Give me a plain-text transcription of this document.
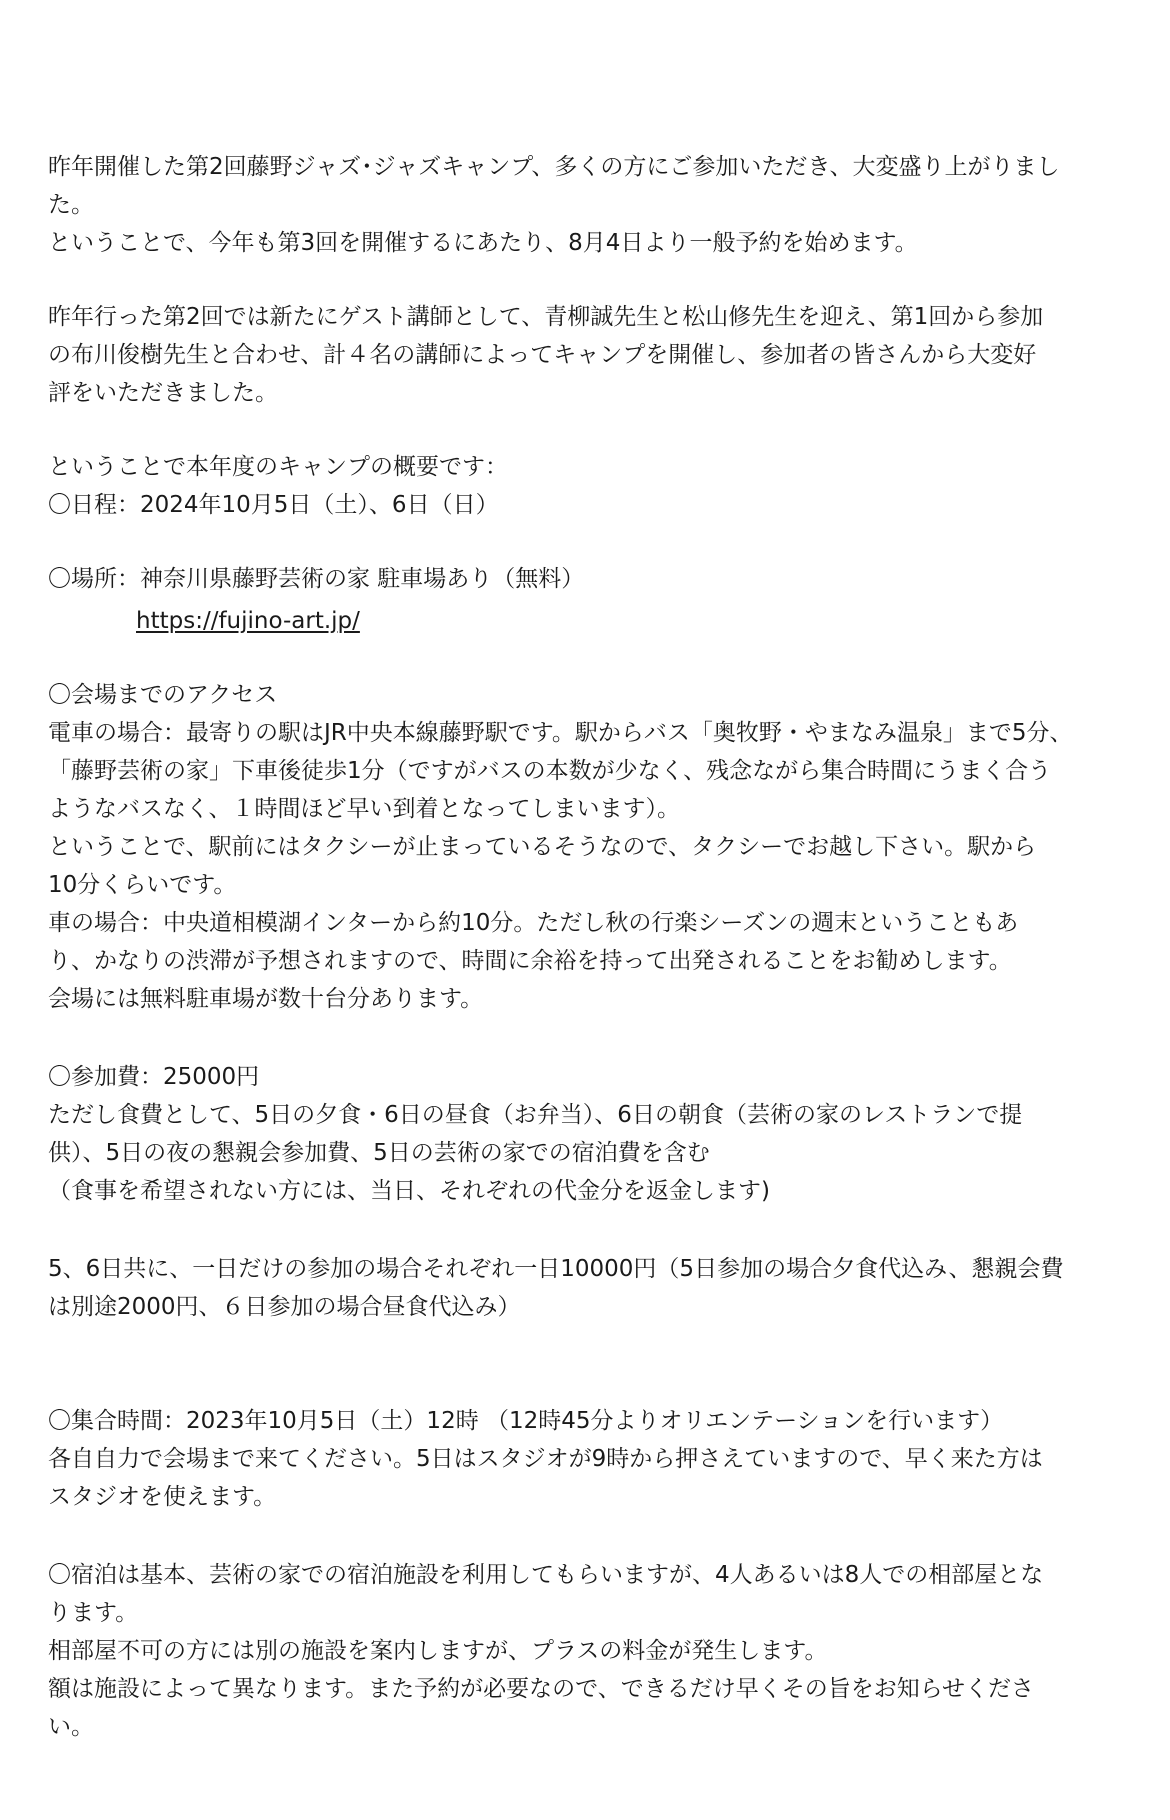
昨年開催した第2回藤野ジャズ･ジャズキャンプ、多くの方にご参加いただき、大変盛り上がりまし

た。

ということで、今年も第3回を開催するにあたり、8月4日より一般予約を始めます。

昨年行った第2回では新たにゲスト講師として、青柳誠先生と松山修先生を迎え、第1回から参加

の布川俊樹先生と合わせ、計４名の講師によってキャンプを開催し、参加者の皆さんから大変好

評をいただきました。

ということで本年度のキャンプの概要です：

〇日程：2024年10月5日（土）、6日（日）

〇場所：神奈川県藤野芸術の家 駐車場あり（無料）

https://fujino-art.jp/

〇会場までのアクセス

電車の場合：最寄りの駅はJR中央本線藤野駅です。駅からバス「奥牧野・やまなみ温泉」まで5分、

「藤野芸術の家」下車後徒歩1分（ですがバスの本数が少なく、残念ながら集合時間にうまく合う

ようなバスなく、１時間ほど早い到着となってしまいます）。

ということで、駅前にはタクシーが止まっているそうなので、タクシーでお越し下さい。駅から

10分くらいです。

車の場合：中央道相模湖インターから約10分。ただし秋の行楽シーズンの週末ということもあ

り、かなりの渋滞が予想されますので、時間に余裕を持って出発されることをお勧めします。

会場には無料駐車場が数十台分あります。

〇参加費：25000円

ただし食費として、5日の夕食・6日の昼食（お弁当）、6日の朝食（芸術の家のレストランで提

供）、5日の夜の懇親会参加費、5日の芸術の家での宿泊費を含む

（食事を希望されない方には、当日、それぞれの代金分を返金します)

5、6日共に、一日だけの参加の場合それぞれ一日10000円（5日参加の場合夕食代込み、懇親会費

は別途2000円、６日参加の場合昼食代込み）

〇集合時間：2023年10月5日（土）12時 （12時45分よりオリエンテーションを行います）

各自自力で会場まで来てください。5日はスタジオが9時から押さえていますので、早く来た方は

スタジオを使えます。

〇宿泊は基本、芸術の家での宿泊施設を利用してもらいますが、4人あるいは8人での相部屋とな

ります。

相部屋不可の方には別の施設を案内しますが、プラスの料金が発生します。

額は施設によって異なります。また予約が必要なので、できるだけ早くその旨をお知らせくださ

い。
